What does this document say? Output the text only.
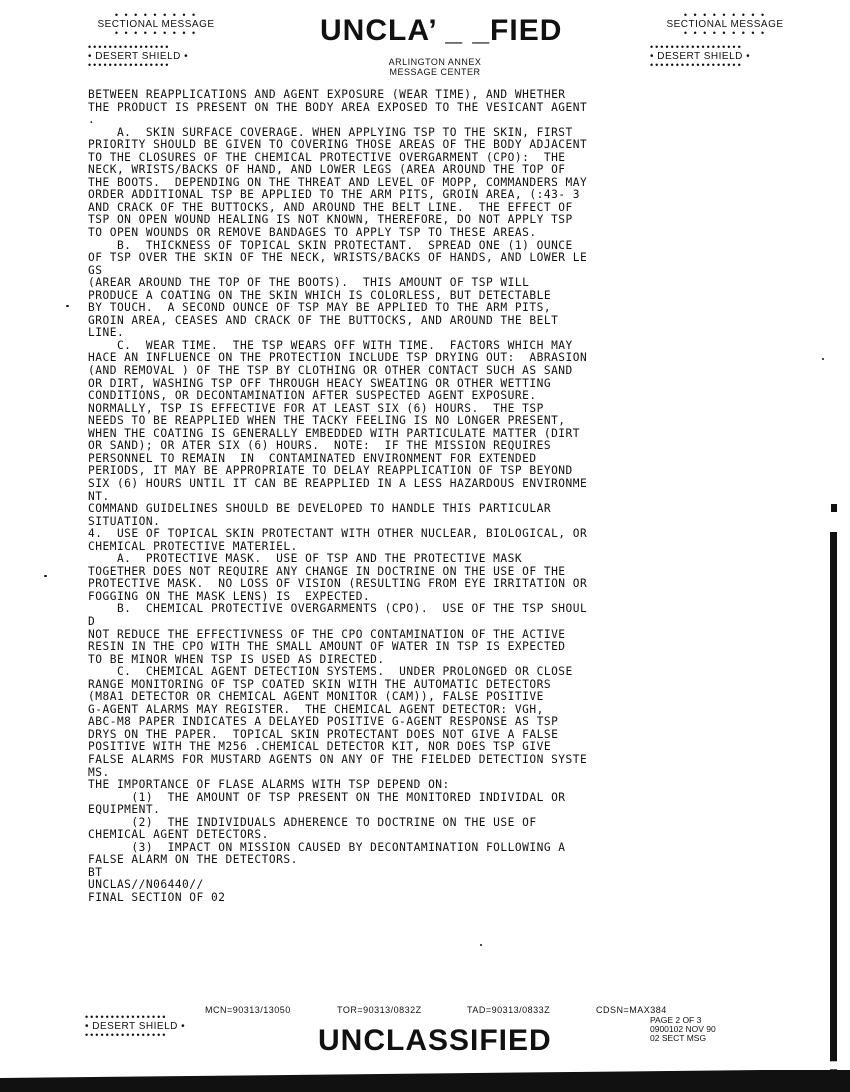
• • • • • • • • •
SECTIONAL MESSAGE
• • • • • • • • •
••••••••••••••••
• DESERT SHIELD •
••••••••••••••••
UNCLA’ _ _FIED
ARLINGTON ANNEX
MESSAGE CENTER
• • • • • • • • •
SECTIONAL MESSAGE
• • • • • • • • •
••••••••••••••••••
• DESERT SHIELD •
••••••••••••••••••
BETWEEN REAPPLICATIONS AND AGENT EXPOSURE (WEAR TIME), AND WHETHER
THE PRODUCT IS PRESENT ON THE BODY AREA EXPOSED TO THE VESICANT AGENT
.
A.  SKIN SURFACE COVERAGE. WHEN APPLYING TSP TO THE SKIN, FIRST
PRIORITY SHOULD BE GIVEN TO COVERING THOSE AREAS OF THE BODY ADJACENT
TO THE CLOSURES OF THE CHEMICAL PROTECTIVE OVERGARMENT (CPO):  THE
NECK, WRISTS/BACKS OF HAND, AND LOWER LEGS (AREA AROUND THE TOP OF
THE BOOTS.  DEPENDING ON THE THREAT AND LEVEL OF MOPP, COMMANDERS MAY
ORDER ADDITIONAL TSP BE APPLIED TO THE ARM PITS, GROIN AREA, (:43- 3
AND CRACK OF THE BUTTOCKS, AND AROUND THE BELT LINE.  THE EFFECT OF
TSP ON OPEN WOUND HEALING IS NOT KNOWN, THEREFORE, DO NOT APPLY TSP
TO OPEN WOUNDS OR REMOVE BANDAGES TO APPLY TSP TO THESE AREAS.
B.  THICKNESS OF TOPICAL SKIN PROTECTANT.  SPREAD ONE (1) OUNCE
OF TSP OVER THE SKIN OF THE NECK, WRISTS/BACKS OF HANDS, AND LOWER LE
GS
(AREAR AROUND THE TOP OF THE BOOTS).  THIS AMOUNT OF TSP WILL
PRODUCE A COATING ON THE SKIN WHICH IS COLORLESS, BUT DETECTABLE
BY TOUCH.  A SECOND OUNCE OF TSP MAY BE APPLIED TO THE ARM PITS,
GROIN AREA, CEASES AND CRACK OF THE BUTTOCKS, AND AROUND THE BELT
LINE.
C.  WEAR TIME.  THE TSP WEARS OFF WITH TIME.  FACTORS WHICH MAY
HACE AN INFLUENCE ON THE PROTECTION INCLUDE TSP DRYING OUT:  ABRASION
(AND REMOVAL ) OF THE TSP BY CLOTHING OR OTHER CONTACT SUCH AS SAND
OR DIRT, WASHING TSP OFF THROUGH HEACY SWEATING OR OTHER WETTING
CONDITIONS, OR DECONTAMINATION AFTER SUSPECTED AGENT EXPOSURE.
NORMALLY, TSP IS EFFECTIVE FOR AT LEAST SIX (6) HOURS.  THE TSP
NEEDS TO BE REAPPLIED WHEN THE TACKY FEELING IS NO LONGER PRESENT,
WHEN THE COATING IS GENERALLY EMBEDDED WITH PARTICULATE MATTER (DIRT
OR SAND); OR ATER SIX (6) HOURS.  NOTE:  IF THE MISSION REQUIRES
PERSONNEL TO REMAIN  IN  CONTAMINATED ENVIRONMENT FOR EXTENDED
PERIODS, IT MAY BE APPROPRIATE TO DELAY REAPPLICATION OF TSP BEYOND
SIX (6) HOURS UNTIL IT CAN BE REAPPLIED IN A LESS HAZARDOUS ENVIRONME
NT.
COMMAND GUIDELINES SHOULD BE DEVELOPED TO HANDLE THIS PARTICULAR
SITUATION.
4.  USE OF TOPICAL SKIN PROTECTANT WITH OTHER NUCLEAR, BIOLOGICAL, OR
CHEMICAL PROTECTIVE MATERIEL.
A.  PROTECTIVE MASK.  USE OF TSP AND THE PROTECTIVE MASK
TOGETHER DOES NOT REQUIRE ANY CHANGE IN DOCTRINE ON THE USE OF THE
PROTECTIVE MASK.  NO LOSS OF VISION (RESULTING FROM EYE IRRITATION OR
FOGGING ON THE MASK LENS) IS  EXPECTED.
B.  CHEMICAL PROTECTIVE OVERGARMENTS (CPO).  USE OF THE TSP SHOUL
D
NOT REDUCE THE EFFECTIVNESS OF THE CPO CONTAMINATION OF THE ACTIVE
RESIN IN THE CPO WITH THE SMALL AMOUNT OF WATER IN TSP IS EXPECTED
TO BE MINOR WHEN TSP IS USED AS DIRECTED.
C.  CHEMICAL AGENT DETECTION SYSTEMS.  UNDER PROLONGED OR CLOSE
RANGE MONITORING OF TSP COATED SKIN WITH THE AUTOMATIC DETECTORS
(M8A1 DETECTOR OR CHEMICAL AGENT MONITOR (CAM)), FALSE POSITIVE
G-AGENT ALARMS MAY REGISTER.  THE CHEMICAL AGENT DETECTOR: VGH,
ABC-M8 PAPER INDICATES A DELAYED POSITIVE G-AGENT RESPONSE AS TSP
DRYS ON THE PAPER.  TOPICAL SKIN PROTECTANT DOES NOT GIVE A FALSE
POSITIVE WITH THE M256 .CHEMICAL DETECTOR KIT, NOR DOES TSP GIVE
FALSE ALARMS FOR MUSTARD AGENTS ON ANY OF THE FIELDED DETECTION SYSTE
MS.
THE IMPORTANCE OF FLASE ALARMS WITH TSP DEPEND ON:
(1)  THE AMOUNT OF TSP PRESENT ON THE MONITORED INDIVIDAL OR
EQUIPMENT.
(2)  THE INDIVIDUALS ADHERENCE TO DOCTRINE ON THE USE OF
CHEMICAL AGENT DETECTORS.
(3)  IMPACT ON MISSION CAUSED BY DECONTAMINATION FOLLOWING A
FALSE ALARM ON THE DETECTORS.
BT
UNCLAS//N06440//
FINAL SECTION OF 02
MCN=90313/13050	TOR=90313/0832Z	TAD=90313/0833Z	CDSN=MAX384
••••••••••••••••
• DESERT SHIELD •
••••••••••••••••	UNCLASSIFIED
PAGE 2 OF 3
0900102 NOV 90
02 SECT MSG
